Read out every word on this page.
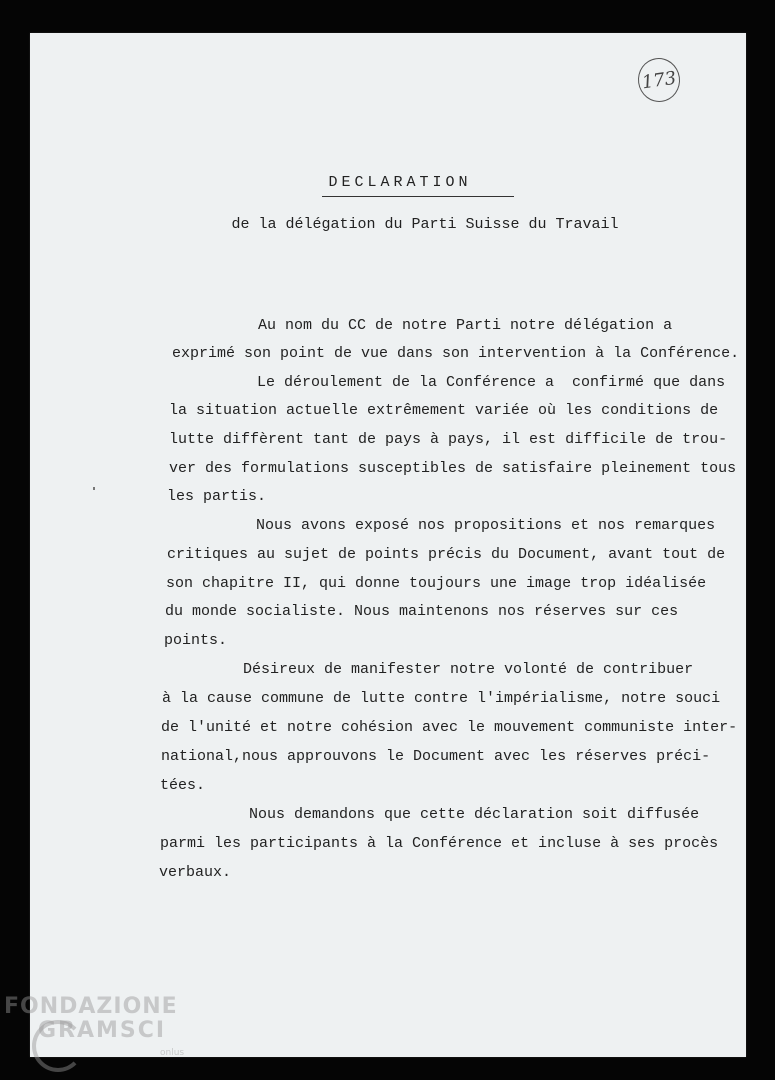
173
DECLARATION
de la délégation du Parti Suisse du Travail
Au nom du CC de notre Parti notre délégation a
exprimé son point de vue dans son intervention à la Conférence.
Le déroulement de la Conférence a  confirmé que dans
la situation actuelle extrêmement variée où les conditions de
lutte diffèrent tant de pays à pays, il est difficile de trou-
ver des formulations susceptibles de satisfaire pleinement tous
les partis.
Nous avons exposé nos propositions et nos remarques
critiques au sujet de points précis du Document, avant tout de
son chapitre II, qui donne toujours une image trop idéalisée
du monde socialiste. Nous maintenons nos réserves sur ces
points.
Désireux de manifester notre volonté de contribuer
à la cause commune de lutte contre l'impérialisme, notre souci
de l'unité et notre cohésion avec le mouvement communiste inter-
national,nous approuvons le Document avec les réserves préci-
tées.
Nous demandons que cette déclaration soit diffusée
parmi les participants à la Conférence et incluse à ses procès
verbaux.
FONDAZIONE
GRAMSCI
onlus
